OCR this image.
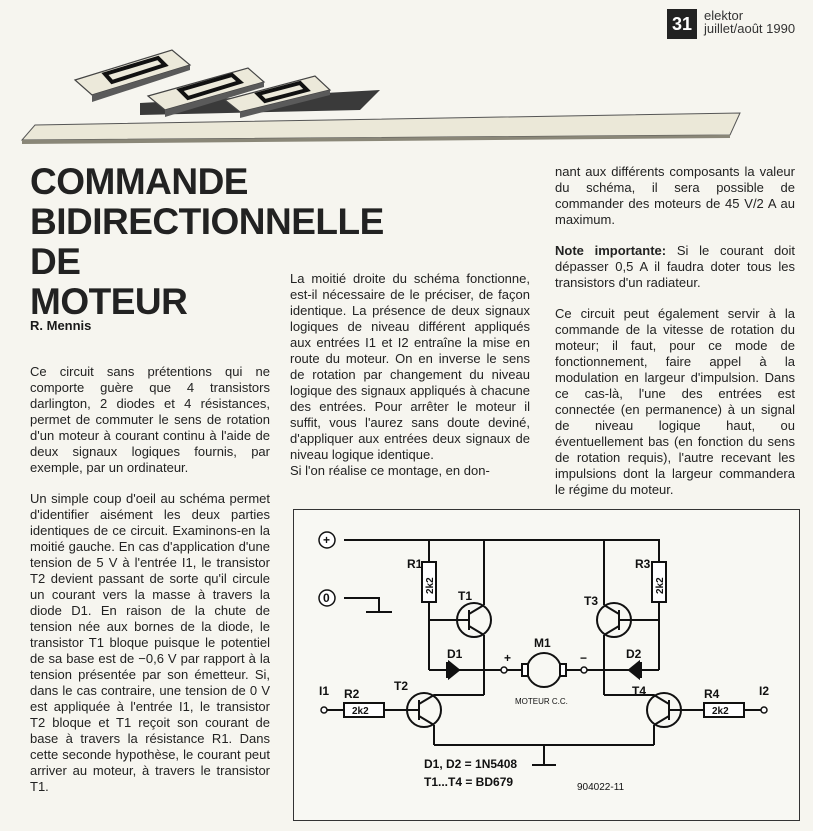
31 elektor
juillet/août 1990
COMMANDE
BIDIRECTIONNELLE DE
MOTEUR
R. Mennis

Ce circuit sans prétentions qui ne comporte guère que 4 transistors darlington, 2 diodes et 4 résistances, permet de commuter le sens de rotation d'un moteur à courant continu à l'aide de deux signaux logiques fournis, par exemple, par un ordinateur.

Un simple coup d'oeil au schéma permet d'identifier aisément les deux parties identiques de ce circuit. Examinons-en la moitié gauche. En cas d'application d'une tension de 5 V à l'entrée I1, le transistor T2 devient passant de sorte qu'il circule un courant vers la masse à travers la diode D1. En raison de la chute de tension née aux bornes de la diode, le transistor T1 bloque puisque le potentiel de sa base est de −0,6 V par rapport à la tension présentée par son émetteur. Si, dans le cas contraire, une tension de 0 V est appliquée à l'entrée I1, le transistor T2 bloque et T1 reçoit son courant de base à travers la résistance R1. Dans cette seconde hypothèse, le courant peut arriver au moteur, à travers le transistor T1.

La moitié droite du schéma fonctionne, est-il nécessaire de le préciser, de façon identique. La présence de deux signaux logiques de niveau différent appliqués aux entrées I1 et I2 entraîne la mise en route du moteur. On en inverse le sens de rotation par changement du niveau logique des signaux appliqués à chacune des entrées. Pour arrêter le moteur il suffit, vous l'aurez sans doute deviné, d'appliquer aux entrées deux signaux de niveau logique identique.

Si l'on réalise ce montage, en don-

nant aux différents composants la valeur du schéma, il sera possible de commander des moteurs de 45 V/2 A au maximum.

Note importante: Si le courant doit dépasser 0,5 A il faudra doter tous les transistors d'un radiateur.

Ce circuit peut également servir à la commande de la vitesse de rotation du moteur; il faut, pour ce mode de fonctionnement, faire appel à la modulation en largeur d'impulsion. Dans ce cas-là, l'une des entrées est connectée (en permanence) à un signal de niveau logique haut, ou éventuellement bas (en fonction du sens de rotation requis), l'autre recevant les impulsions dont la largeur commandera le régime du moteur.

+
0
R1	R3
T1	T3
D1	D2
M1
+	−
T2	T4
I1	I2
R2	R4
2k2	2k2
2k2	2k2
MOTEUR C.C.
D1, D2 = 1N5408
T1...T4 = BD679	904022-11
